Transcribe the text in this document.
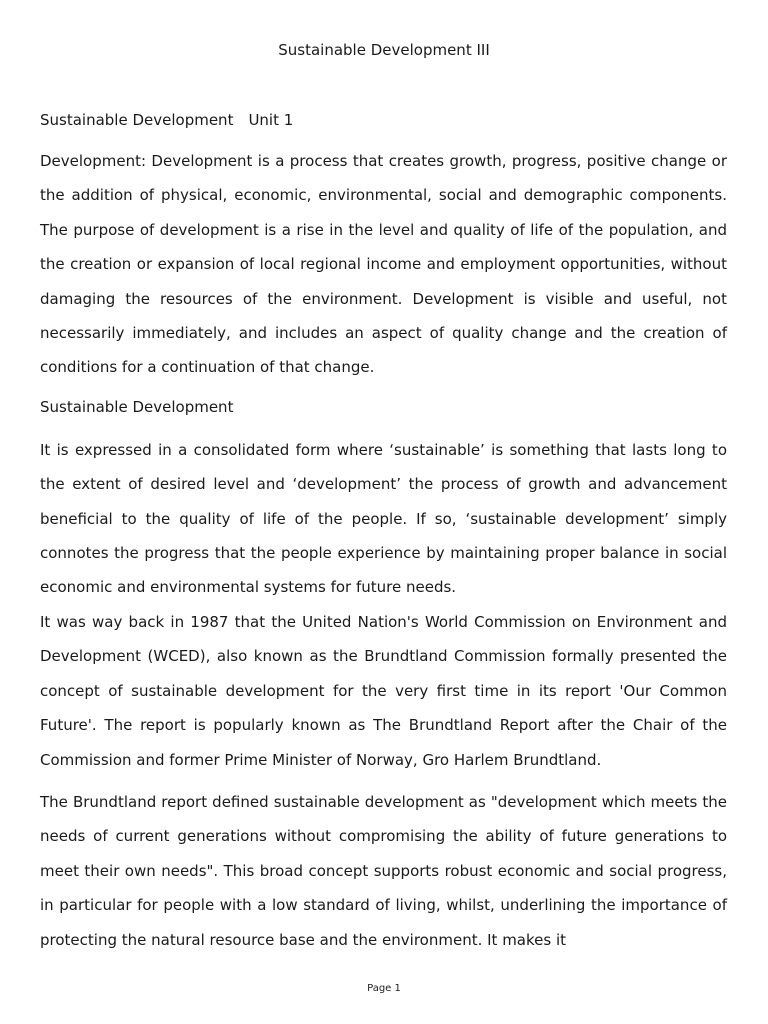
Sustainable Development III

Sustainable Development Unit 1

Development: Development is a process that creates growth, progress, positive change or the addition of physical, economic, environmental, social and demographic components. The purpose of development is a rise in the level and quality of life of the population, and the creation or expansion of local regional income and employment opportunities, without damaging the resources of the environment. Development is visible and useful, not necessarily immediately, and includes an aspect of quality change and the creation of conditions for a continuation of that change.

Sustainable Development

It is expressed in a consolidated form where ‘sustainable’ is something that lasts long to the extent of desired level and ‘development’ the process of growth and advancement beneficial to the quality of life of the people. If so, ‘sustainable development’ simply connotes the progress that the people experience by maintaining proper balance in social economic and environmental systems for future needs.

It was way back in 1987 that the United Nation's World Commission on Environment and Development (WCED), also known as the Brundtland Commission formally presented the concept of sustainable development for the very first time in its report 'Our Common Future'. The report is popularly known as The Brundtland Report after the Chair of the Commission and former Prime Minister of Norway, Gro Harlem Brundtland.

The Brundtland report defined sustainable development as "development which meets the needs of current generations without compromising the ability of future generations to meet their own needs". This broad concept supports robust economic and social progress, in particular for people with a low standard of living, whilst, underlining the importance of protecting the natural resource base and the environment. It makes it

Page 1
